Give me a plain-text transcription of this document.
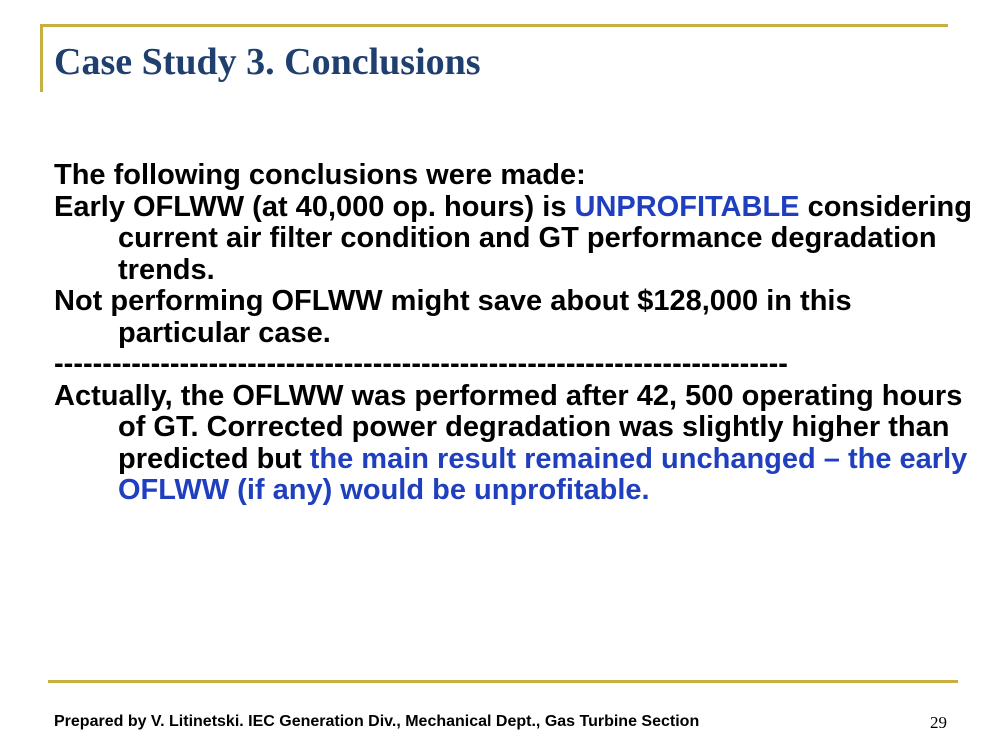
Case Study 3. Conclusions

The following conclusions were made:

Early OFLWW (at 40,000 op. hours) is UNPROFITABLE considering current air filter condition and GT performance degradation trends.

Not performing OFLWW might save about $128,000 in this particular case.

----------------------------------------------------------------------------

Actually, the OFLWW was performed after 42, 500 operating hours of GT. Corrected power degradation was slightly higher than predicted but the main result remained unchanged – the early OFLWW (if any) would be unprofitable.

Prepared by V. Litinetski. IEC Generation Div., Mechanical Dept., Gas Turbine Section	29
